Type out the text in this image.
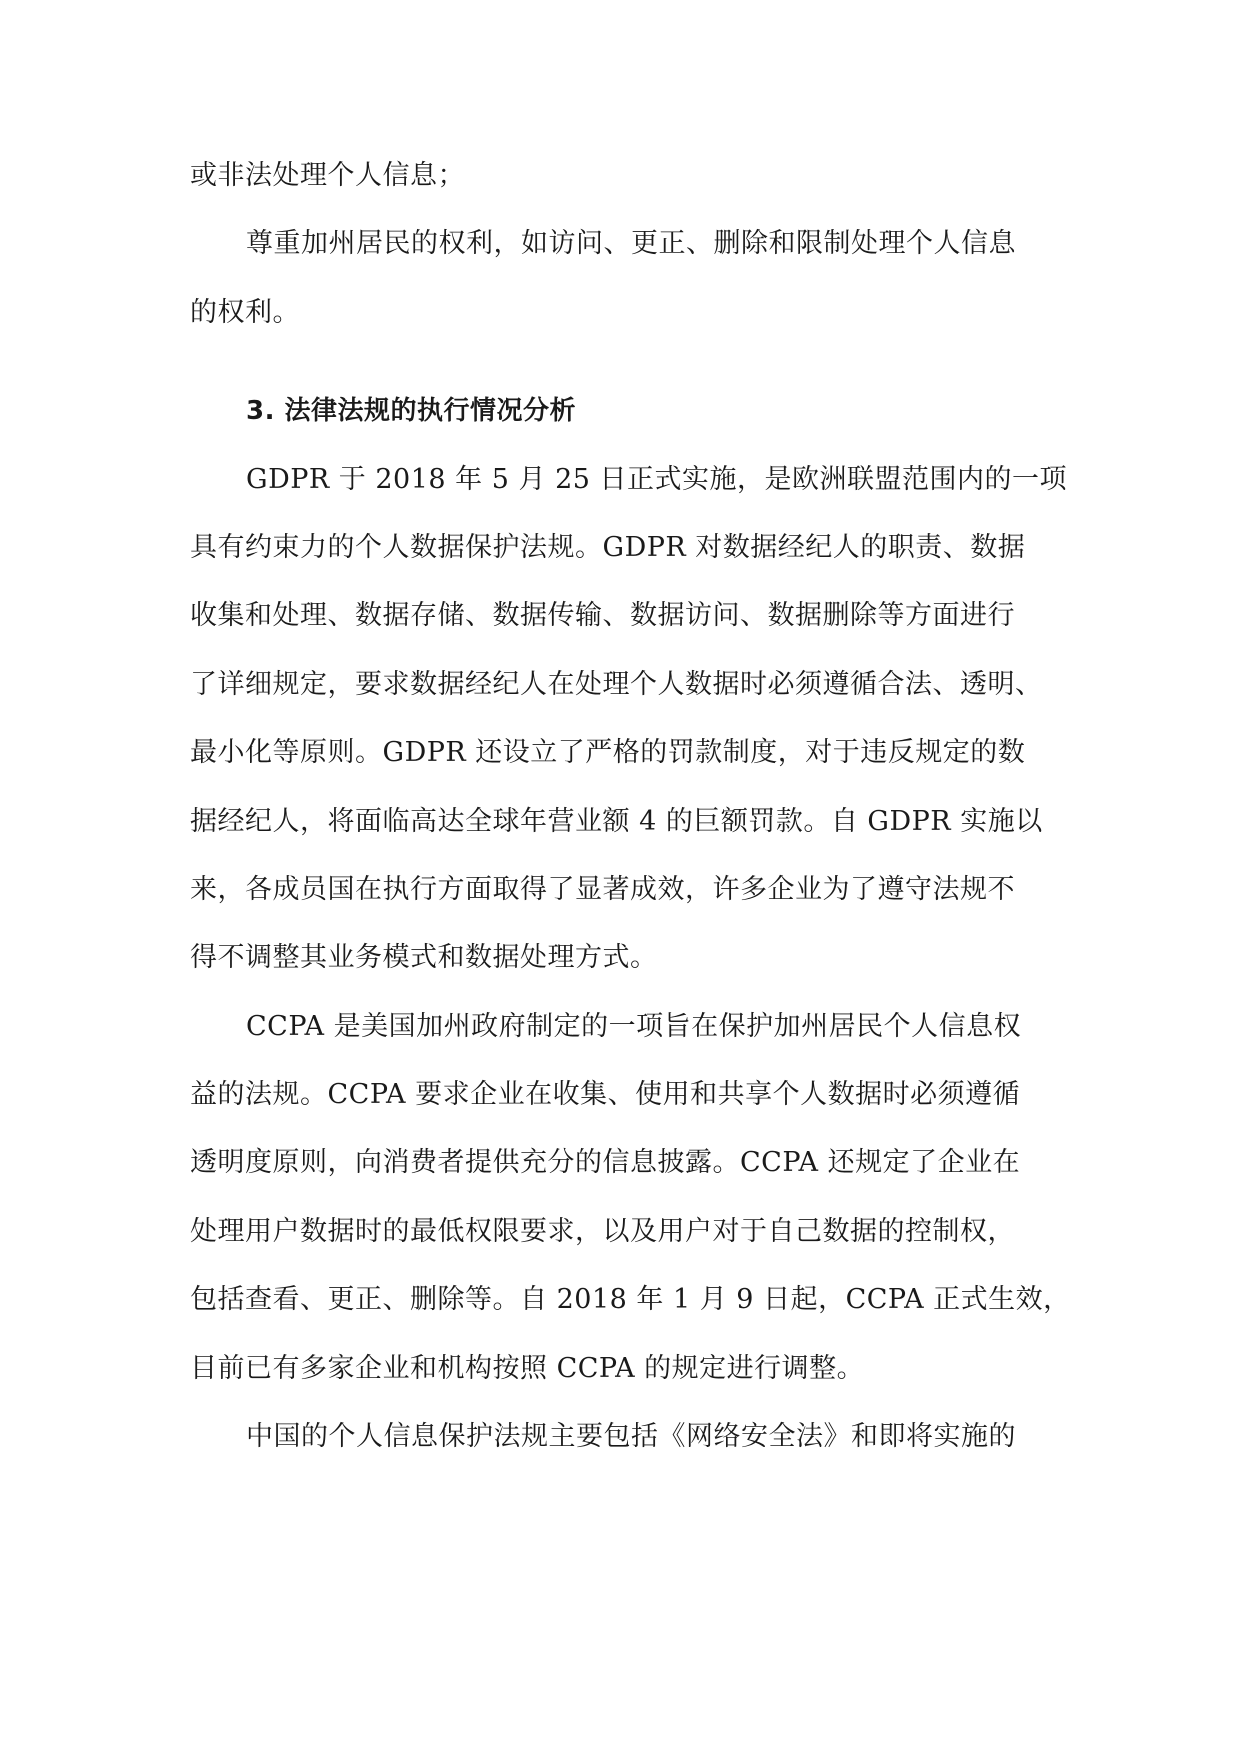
或非法处理个人信息；
尊重加州居民的权利，如访问、更正、删除和限制处理个人信息
的权利。
3. 法律法规的执行情况分析
GDPR 于 2018 年 5 月 25 日正式实施，是欧洲联盟范围内的一项
具有约束力的个人数据保护法规。GDPR 对数据经纪人的职责、数据
收集和处理、数据存储、数据传输、数据访问、数据删除等方面进行
了详细规定，要求数据经纪人在处理个人数据时必须遵循合法、透明、
最小化等原则。GDPR 还设立了严格的罚款制度，对于违反规定的数
据经纪人，将面临高达全球年营业额 4 的巨额罚款。自 GDPR 实施以
来，各成员国在执行方面取得了显著成效，许多企业为了遵守法规不
得不调整其业务模式和数据处理方式。
CCPA 是美国加州政府制定的一项旨在保护加州居民个人信息权
益的法规。CCPA 要求企业在收集、使用和共享个人数据时必须遵循
透明度原则，向消费者提供充分的信息披露。CCPA 还规定了企业在
处理用户数据时的最低权限要求，以及用户对于自己数据的控制权，
包括查看、更正、删除等。自 2018 年 1 月 9 日起，CCPA 正式生效，
目前已有多家企业和机构按照 CCPA 的规定进行调整。
中国的个人信息保护法规主要包括《网络安全法》和即将实施的
